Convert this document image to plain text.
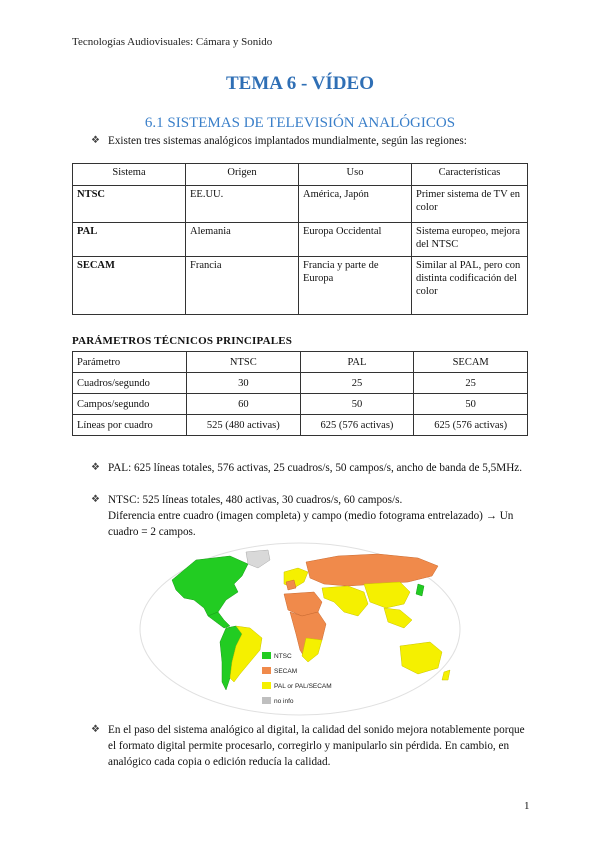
Tecnologías Audiovisuales: Cámara y Sonido
TEMA 6 - VÍDEO
6.1 SISTEMAS DE TELEVISIÓN ANALÓGICOS
❖ Existen tres sistemas analógicos implantados mundialmente, según las regiones:
Sistema	Origen	Uso	Características
NTSC	EE.UU.	América, Japón	Primer sistema de TV en color
PAL	Alemania	Europa Occidental	Sistema europeo, mejora del NTSC
SECAM	Francia	Francia y parte de Europa	Similar al PAL, pero con distinta codificación del color
PARÁMETROS TÉCNICOS PRINCIPALES
Parámetro	NTSC	PAL	SECAM
Cuadros/segundo	30	25	25
Campos/segundo	60	50	50
Líneas por cuadro	525 (480 activas)	625 (576 activas)	625 (576 activas)
❖ PAL: 625 líneas totales, 576 activas, 25 cuadros/s, 50 campos/s, ancho de banda de 5,5MHz.
❖ NTSC: 525 líneas totales, 480 activas, 30 cuadros/s, 60 campos/s.
Diferencia entre cuadro (imagen completa) y campo (medio fotograma entrelazado) → Un cuadro = 2 campos.
NTSC
SECAM
PAL or PAL/SECAM
no info
❖ En el paso del sistema analógico al digital, la calidad del sonido mejora notablemente porque el formato digital permite procesarlo, corregirlo y manipularlo sin pérdida. En cambio, en analógico cada copia o edición reducía la calidad.
1
